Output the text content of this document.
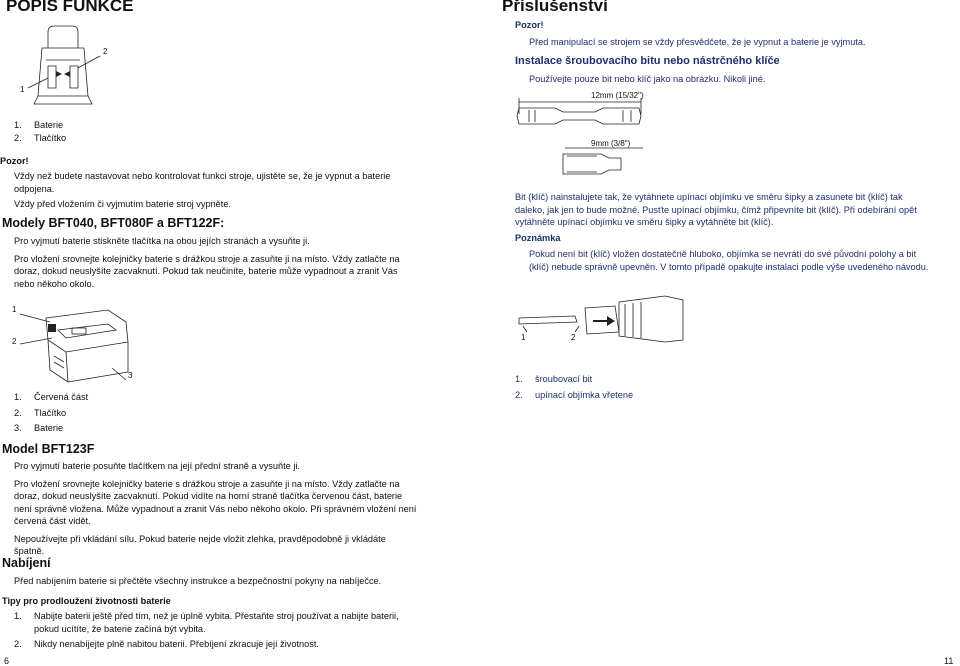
POPIS FUNKCE
1
2
1. Baterie
2. Tlačítko
Pozor!
Vždy než budete nastavovat nebo kontrolovat funkci stroje, ujistěte se, že je vypnut a baterie
odpojena.
Vždy před vložením či vyjmutím baterie stroj vypněte.
Modely BFT040, BFT080F a BFT122F:
Pro vyjmutí baterie stiskněte tlačítka na obou jejích stranách a vysuňte ji.
Pro vložení srovnejte kolejničky baterie s drážkou stroje a zasuňte ji na místo. Vždy zatlačte na
doraz, dokud neuslyšíte zacvaknutí. Pokud tak neučiníte, baterie může vypadnout a zranit Vás
nebo někoho okolo.
1
2
3
1. Červená část
2. Tlačítko
3. Baterie
Model BFT123F
Pro vyjmutí baterie posuňte tlačítkem na její přední straně a vysuňte ji.
Pro vložení srovnejte kolejničky baterie s drážkou stroje a zasuňte ji na místo. Vždy zatlačte na
doraz, dokud neuslyšíte zacvaknutí. Pokud vidíte na horní straně tlačítka červenou část, baterie
není správně vložena. Může vypadnout a zranit Vás nebo někoho okolo. Při správném vložení není
červená část vidět.
Nepoužívejte při vkládání sílu. Pokud baterie nejde vložit zlehka, pravděpodobně ji vkládáte
špatně.
Nabíjení
Před nabíjením baterie si přečtěte všechny instrukce a bezpečnostní pokyny na nabíječce.
Tipy pro prodloužení životnosti baterie
1. Nabijte baterii ještě před tím, než je úplně vybita. Přestaňte stroj používat a nabijte baterii,
pokud ucítíte, že baterie začíná být vybita.
2. Nikdy nenabíjejte plně nabitou baterii. Přebíjení zkracuje její životnost.
6
Příslušenství
Pozor!
Před manipulací se strojem se vždy přesvědčete, že je vypnut a baterie je vyjmuta.
Instalace šroubovacího bitu nebo nástrčného klíče
Používejte pouze bit nebo klíč jako na obrázku. Nikoli jiné.
12mm (15/32")
9mm (3/8")
Bit (klíč) nainstalujete tak, že vytáhnete upínací objímku ve směru šipky a zasunete bit (klíč) tak
daleko, jak jen to bude možné. Pusťte upínací objímku, čímž připevníte bit (klíč). Při odebírání opět
vytáhněte upínací objímku ve směru šipky a vytáhněte bit (klíč).
Poznámka
Pokud není bit (klíč) vložen dostatečně hluboko, objímka se nevrátí do své původní polohy a bit
(klíč) nebude správně upevněn. V tomto případě opakujte instalaci podle výše uvedeného návodu.
1	2
1. šroubovací bit
2. upínací objímka vřetene
11
